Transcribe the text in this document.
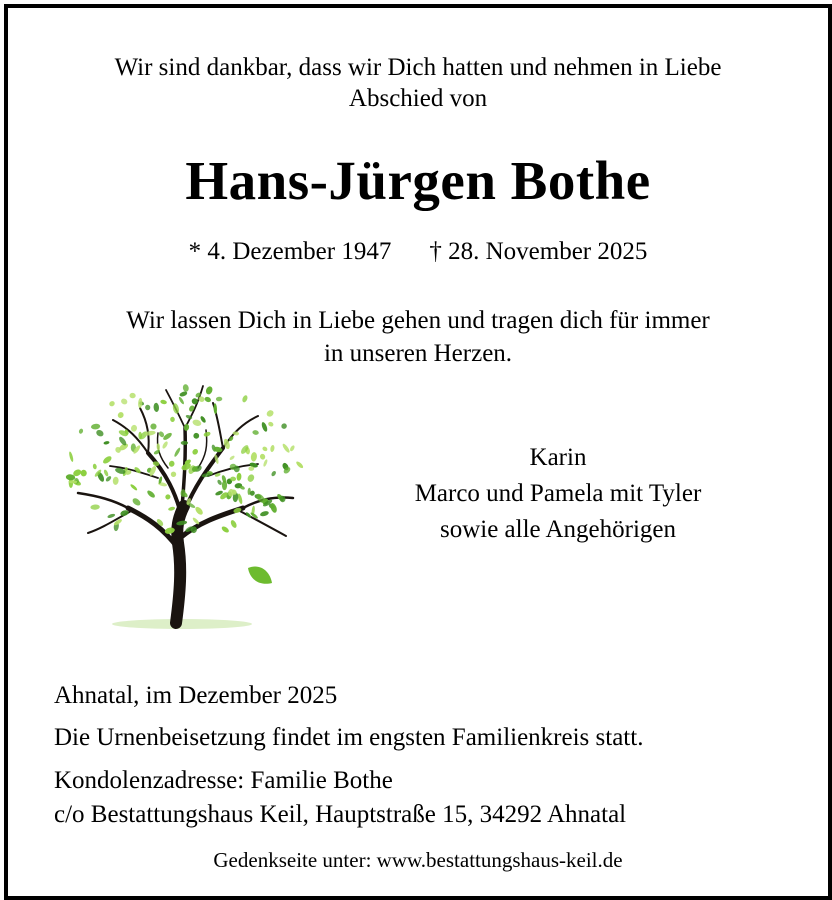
Wir sind dankbar, dass wir Dich hatten und nehmen in Liebe
Abschied von
Hans-Jürgen Bothe
* 4. Dezember 1947 † 28. November 2025
Wir lassen Dich in Liebe gehen und tragen dich für immer
in unseren Herzen.
Karin
Marco und Pamela mit Tyler
sowie alle Angehörigen
Ahnatal, im Dezember 2025
Die Urnenbeisetzung findet im engsten Familienkreis statt.
Kondolenzadresse: Familie Bothe
c/o Bestattungshaus Keil, Hauptstraße 15, 34292 Ahnatal
Gedenkseite unter: www.bestattungshaus-keil.de
